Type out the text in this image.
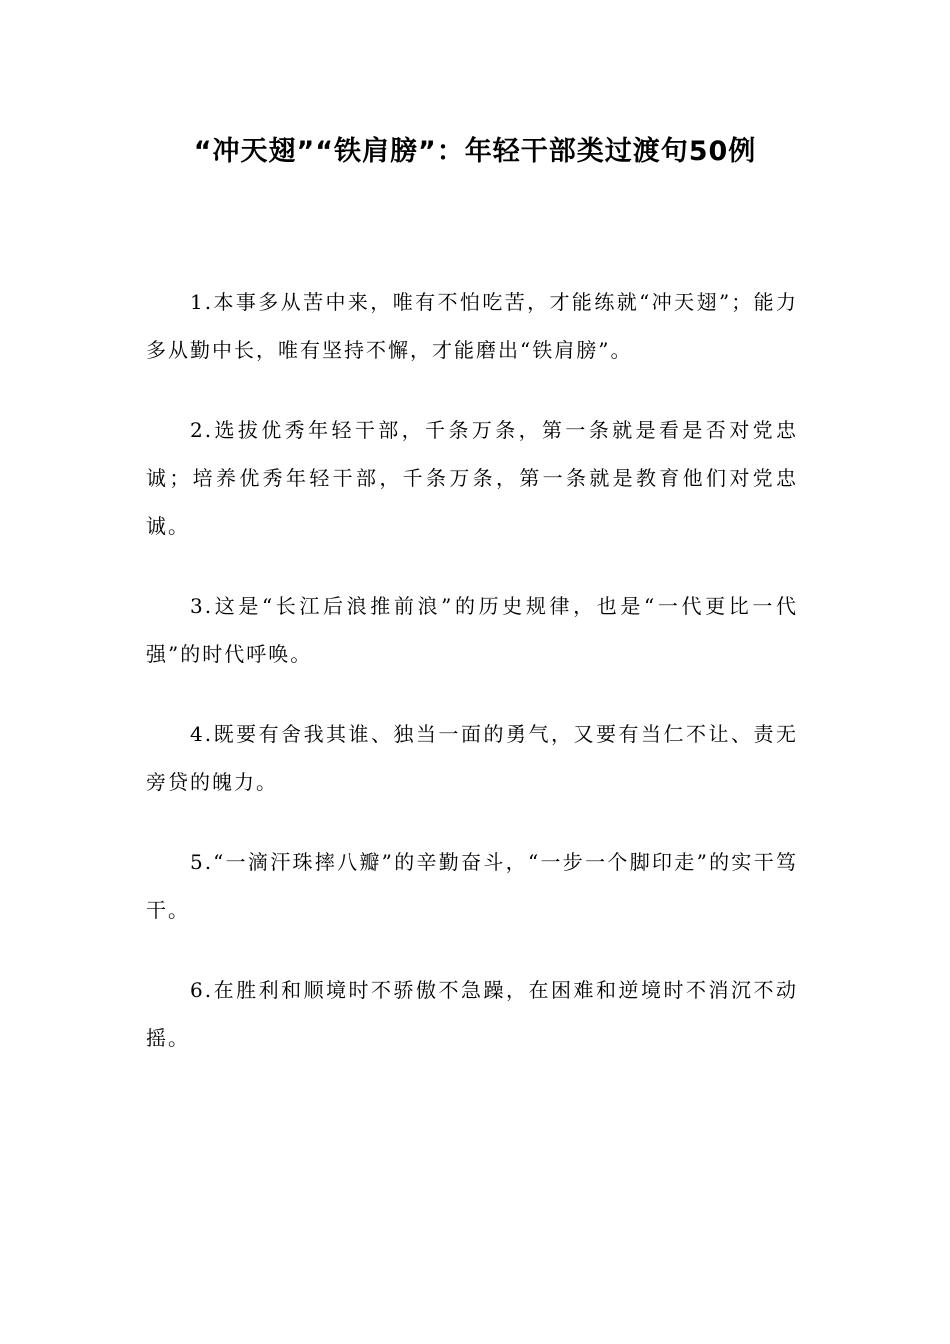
“冲天翅”“铁肩膀”：年轻干部类过渡句50例

1.本事多从苦中来，唯有不怕吃苦，才能练就“冲天翅”；能力多从勤中长，唯有坚持不懈，才能磨出“铁肩膀”。

2.选拔优秀年轻干部，千条万条，第一条就是看是否对党忠诚；培养优秀年轻干部，千条万条，第一条就是教育他们对党忠诚。

3.这是“长江后浪推前浪”的历史规律，也是“一代更比一代强”的时代呼唤。

4.既要有舍我其谁、独当一面的勇气，又要有当仁不让、责无旁贷的魄力。

5.“一滴汗珠摔八瓣”的辛勤奋斗，“一步一个脚印走”的实干笃干。

6.在胜利和顺境时不骄傲不急躁，在困难和逆境时不消沉不动摇。
